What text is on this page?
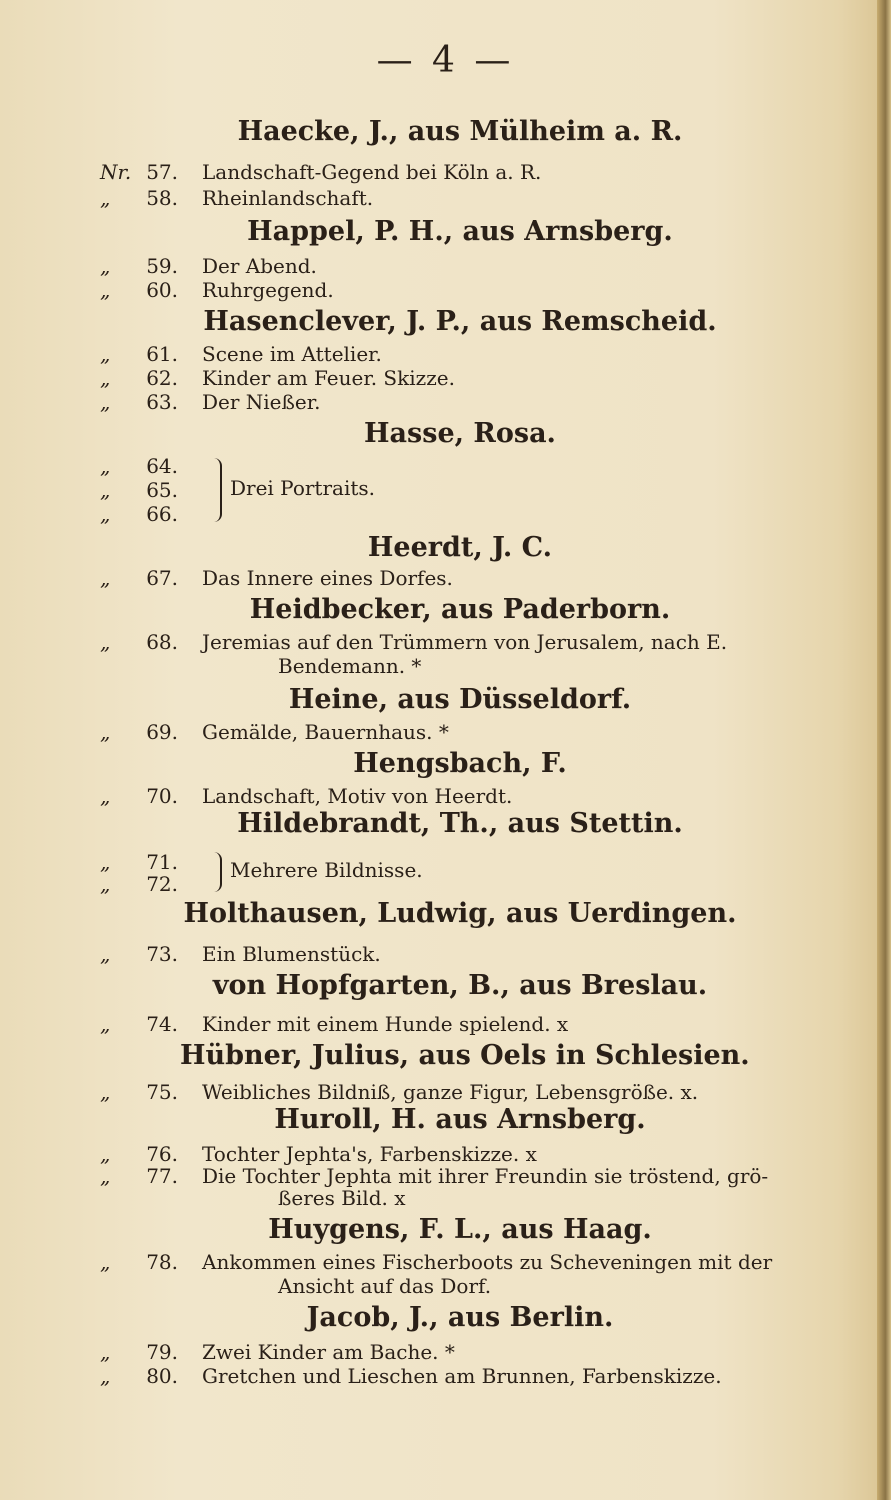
— 4 —
Haecke, J., aus Mülheim a. R.
Nr. 57. Landschaft-Gegend bei Köln a. R.
„ 58. Rheinlandschaft.
Happel, P. H., aus Arnsberg.
„ 59. Der Abend.
„ 60. Ruhrgegend.
Hasenclever, J. P., aus Remscheid.
„ 61. Scene im Attelier.
„ 62. Kinder am Feuer. Skizze.
„ 63. Der Nießer.
Hasse, Rosa.
„ 64.
„ 65.
„ 66.
Drei Portraits.
Heerdt, J. C.
„ 67. Das Innere eines Dorfes.
Heidbecker, aus Paderborn.
„ 68. Jeremias auf den Trümmern von Jerusalem, nach E.
Bendemann. *
Heine, aus Düsseldorf.
„ 69. Gemälde, Bauernhaus. *
Hengsbach, F.
„ 70. Landschaft, Motiv von Heerdt.
Hildebrandt, Th., aus Stettin.
„ 71.
„ 72.
Mehrere Bildnisse.
Holthausen, Ludwig, aus Uerdingen.
„ 73. Ein Blumenstück.
von Hopfgarten, B., aus Breslau.
„ 74. Kinder mit einem Hunde spielend. x
Hübner, Julius, aus Oels in Schlesien.
„ 75. Weibliches Bildniß, ganze Figur, Lebensgröße. x.
Huroll, H. aus Arnsberg.
„ 76. Tochter Jephta's, Farbenskizze. x
„ 77. Die Tochter Jephta mit ihrer Freundin sie tröstend, grö-
ßeres Bild. x
Huygens, F. L., aus Haag.
„ 78. Ankommen eines Fischerboots zu Scheveningen mit der
Ansicht auf das Dorf.
Jacob, J., aus Berlin.
„ 79. Zwei Kinder am Bache. *
„ 80. Gretchen und Lieschen am Brunnen, Farbenskizze.
